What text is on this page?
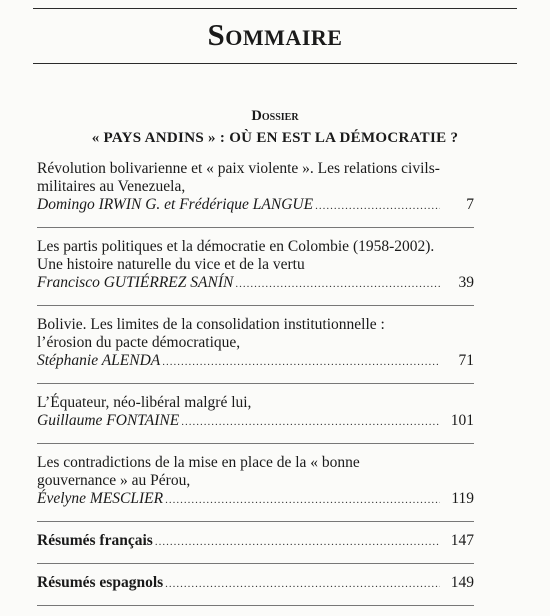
Sommaire
Dossier
« PAYS ANDINS » : OÙ EN EST LA DÉMOCRATIE ?
Révolution bolivarienne et « paix violente ». Les relations civils-
militaires au Venezuela,
Domingo IRWIN G. et Frédérique LANGUE .....	7
Les partis politiques et la démocratie en Colombie (1958-2002).
Une histoire naturelle du vice et de la vertu
Francisco GUTIÉRREZ SANÍN .....	39
Bolivie. Les limites de la consolidation institutionnelle :
l’érosion du pacte démocratique,
Stéphanie ALENDA .....	71
L’Équateur, néo-libéral malgré lui,
Guillaume FONTAINE .....	101
Les contradictions de la mise en place de la « bonne
gouvernance » au Pérou,
Évelyne MESCLIER .....	119
Résumés français .....	147
Résumés espagnols .....	149
